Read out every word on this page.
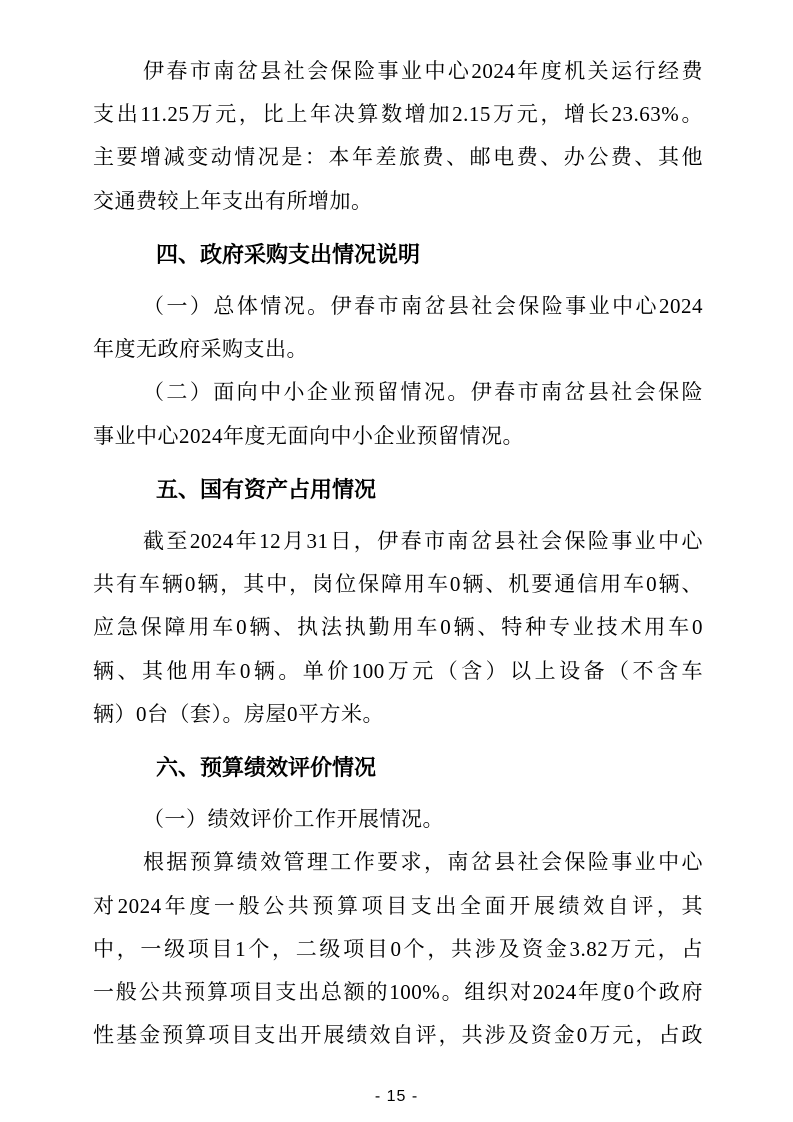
伊春市南岔县社会保险事业中心2024年度机关运行经费
支出11.25万元，比上年决算数增加2.15万元，增长23.63%。
主要增减变动情况是：本年差旅费、邮电费、办公费、其他
交通费较上年支出有所增加。
四、政府采购支出情况说明
（一）总体情况。伊春市南岔县社会保险事业中心2024
年度无政府采购支出。
（二）面向中小企业预留情况。伊春市南岔县社会保险
事业中心2024年度无面向中小企业预留情况。
五、国有资产占用情况
截至2024年12月31日，伊春市南岔县社会保险事业中心
共有车辆0辆，其中，岗位保障用车0辆、机要通信用车0辆、
应急保障用车0辆、执法执勤用车0辆、特种专业技术用车0
辆、其他用车0辆。单价100万元（含）以上设备（不含车
辆）0台（套）。房屋0平方米。
六、预算绩效评价情况
（一）绩效评价工作开展情况。
根据预算绩效管理工作要求，南岔县社会保险事业中心
对2024年度一般公共预算项目支出全面开展绩效自评，其
中，一级项目1个，二级项目0个，共涉及资金3.82万元，占
一般公共预算项目支出总额的100%。组织对2024年度0个政府
性基金预算项目支出开展绩效自评，共涉及资金0万元，占政
- 15 -
